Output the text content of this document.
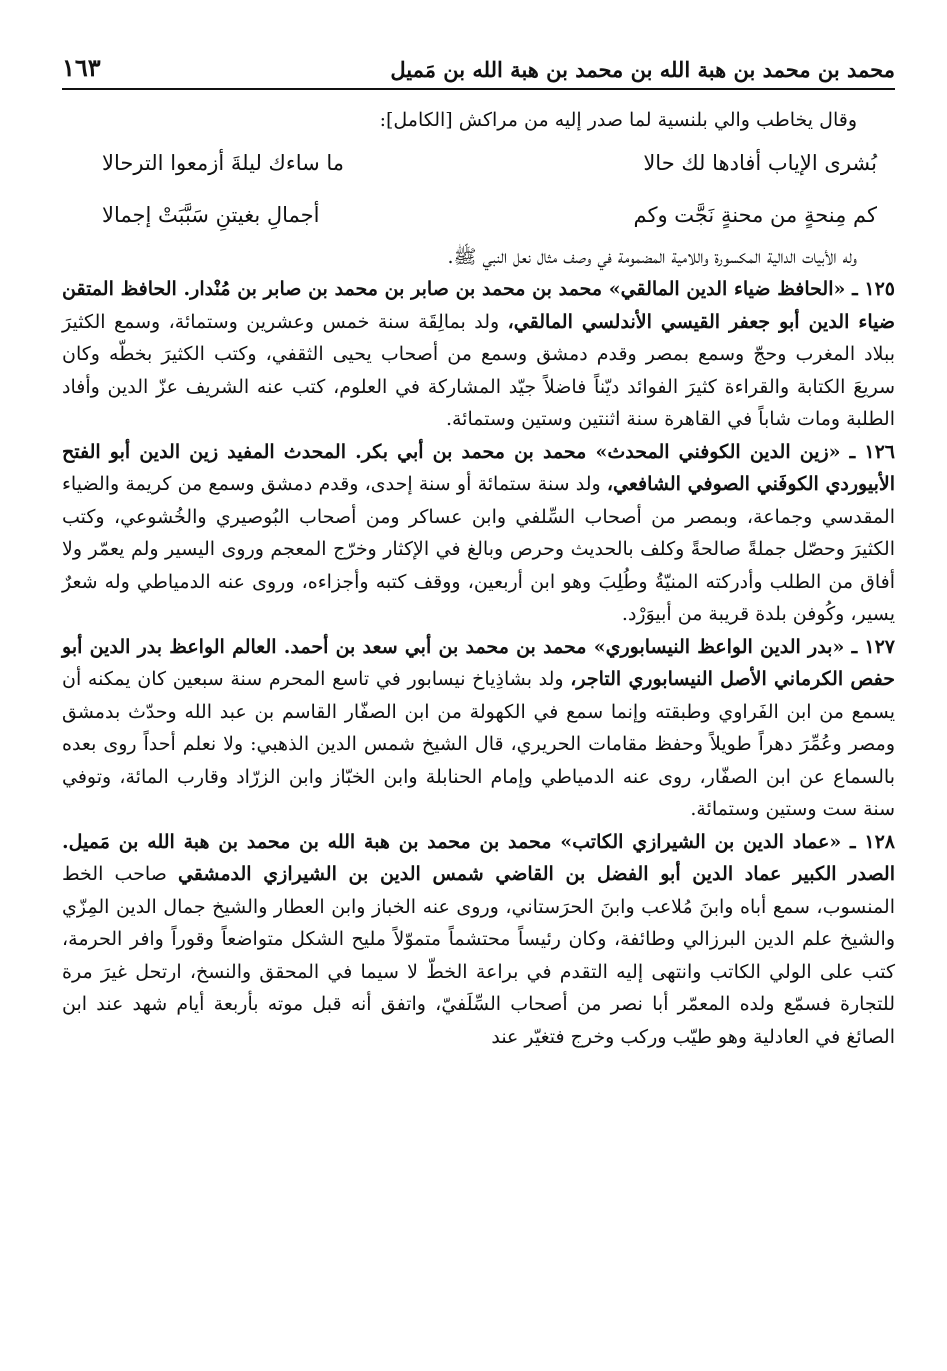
محمد بن محمد بن هبة الله بن محمد بن هبة الله بن مَميل
١٦٣

وقال يخاطب والي بلنسية لما صدر إليه من مراكش [الكامل]:

بُشرى الإياب أفادها لك حالا
ما ساءك ليلةَ أزمعوا الترحالا
كم مِنحةٍ من محنةٍ نَجَّت وكم
أجمالِ بغيتنِ سَبَّبَتْ إجمالا

وله الأبيات الدالية المكسورة واللامية المضمومة في وصف مثال نعل النبي ﷺ.

١٢٥ ـ «الحافظ ضياء الدين المالقي» محمد بن محمد بن صابر بن محمد بن صابر بن مُنْدار. الحافظ المتقن ضياء الدين أبو جعفر القيسي الأندلسي المالقي، ولد بمالِقَة سنة خمس وعشرين وستمائة، وسمع الكثيرَ ببلاد المغرب وحجّ وسمع بمصر وقدم دمشق وسمع من أصحاب يحيى الثقفي، وكتب الكثيرَ بخطّه وكان سريعَ الكتابة والقراءة كثيرَ الفوائد ديّناً فاضلاً جيّد المشاركة في العلوم، كتب عنه الشريف عزّ الدين وأفاد الطلبة ومات شاباً في القاهرة سنة اثنتين وستين وستمائة.

١٢٦ ـ «زين الدين الكوفني المحدث» محمد بن محمد بن أبي بكر. المحدث المفيد زين الدين أبو الفتح الأبيوردي الكوفَني الصوفي الشافعي، ولد سنة ستمائة أو سنة إحدى، وقدم دمشق وسمع من كريمة والضياء المقدسي وجماعة، وبمصر من أصحاب السِّلفي وابن عساكر ومن أصحاب البُوصيري والخُشوعي، وكتب الكثيرَ وحصّل جملةً صالحةً وكلف بالحديث وحرص وبالغ في الإكثار وخرّج المعجم وروى اليسير ولم يعمّر ولا أفاق من الطلب وأدركته المنيّةُ وطُلِبَ وهو ابن أربعين، ووقف كتبه وأجزاءه، وروى عنه الدمياطي وله شعرٌ يسير، وكُوفن بلدة قريبة من أبيوَرْد.

١٢٧ ـ «بدر الدين الواعظ النيسابوري» محمد بن محمد بن أبي سعد بن أحمد. العالم الواعظ بدر الدين أبو حفص الكرماني الأصل النيسابوري التاجر، ولد بشاذِياخ نيسابور في تاسع المحرم سنة سبعين كان يمكنه أن يسمع من ابن الفَراوي وطبقته وإنما سمع في الكهولة من ابن الصفّار القاسم بن عبد الله وحدّث بدمشق ومصر وعُمِّرَ دهراً طويلاً وحفظ مقامات الحريري، قال الشيخ شمس الدين الذهبي: ولا نعلم أحداً روى بعده بالسماع عن ابن الصفّار، روى عنه الدمياطي وإمام الحنابلة وابن الخبّاز وابن الزرّاد وقارب المائة، وتوفي سنة ست وستين وستمائة.

١٢٨ ـ «عماد الدين بن الشيرازي الكاتب» محمد بن محمد بن هبة الله بن محمد بن هبة الله بن مَميل. الصدر الكبير عماد الدين أبو الفضل بن القاضي شمس الدين بن الشيرازي الدمشقي صاحب الخط المنسوب، سمع أباه وابنَ مُلاعب وابنَ الحرَستاني، وروى عنه الخباز وابن العطار والشيخ جمال الدين المِزّي والشيخ علم الدين البرزالي وطائفة، وكان رئيساً محتشماً متموّلاً مليح الشكل متواضعاً وقوراً وافر الحرمة، كتب على الولي الكاتب وانتهى إليه التقدم في براعة الخطّ لا سيما في المحقق والنسخ، ارتحل غيرَ مرة للتجارة فسمّع ولده المعمّر أبا نصر من أصحاب السِّلَفيّ، واتفق أنه قبل موته بأربعة أيام شهد عند ابن الصائغ في العادلية وهو طيّب وركب وخرج فتغيّر عند
